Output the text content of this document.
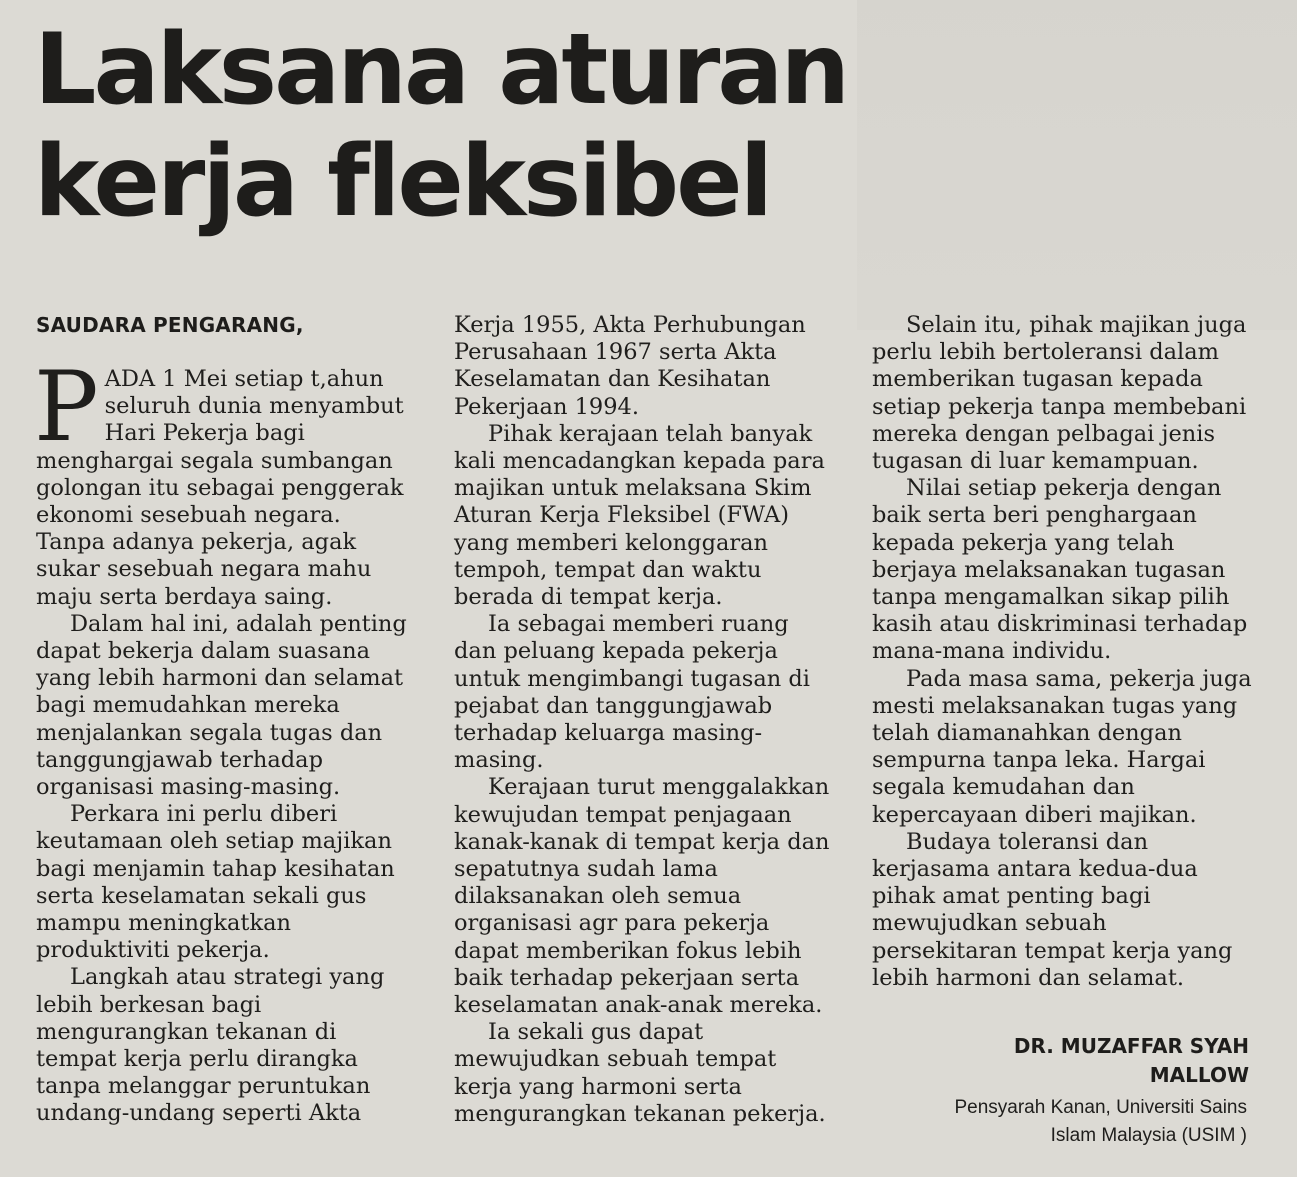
Laksana aturan
kerja fleksibel
SAUDARA PENGARANG,
P ADA 1 Mei setiap t,ahun seluruh dunia menyambut Hari Pekerja bagi menghargai segala sumbangan golongan itu sebagai penggerak ekonomi sesebuah negara. Tanpa adanya pekerja, agak sukar sesebuah negara mahu maju serta berdaya saing.

Dalam hal ini, adalah penting dapat bekerja dalam suasana yang lebih harmoni dan selamat bagi memudahkan mereka menjalankan segala tugas dan tanggungjawab terhadap organisasi masing-masing.

Perkara ini perlu diberi keutamaan oleh setiap majikan bagi menjamin tahap kesihatan serta keselamatan sekali gus mampu meningkatkan produktiviti pekerja.

Langkah atau strategi yang lebih berkesan bagi mengurangkan tekanan di tempat kerja perlu dirangka tanpa melanggar peruntukan undang-undang seperti Akta

Kerja 1955, Akta Perhubungan Perusahaan 1967 serta Akta Keselamatan dan Kesihatan Pekerjaan 1994.

Pihak kerajaan telah banyak kali mencadangkan kepada para majikan untuk melaksana Skim Aturan Kerja Fleksibel (FWA) yang memberi kelonggaran tempoh, tempat dan waktu berada di tempat kerja.

Ia sebagai memberi ruang dan peluang kepada pekerja untuk mengimbangi tugasan di pejabat dan tanggungjawab terhadap keluarga masing-masing.

Kerajaan turut menggalakkan kewujudan tempat penjagaan kanak-kanak di tempat kerja dan sepatutnya sudah lama dilaksanakan oleh semua organisasi agr para pekerja dapat memberikan fokus lebih baik terhadap pekerjaan serta keselamatan anak-anak mereka.

Ia sekali gus dapat mewujudkan sebuah tempat kerja yang harmoni serta mengurangkan tekanan pekerja.

Selain itu, pihak majikan juga perlu lebih bertoleransi dalam memberikan tugasan kepada setiap pekerja tanpa membebani mereka dengan pelbagai jenis tugasan di luar kemampuan.

Nilai setiap pekerja dengan baik serta beri penghargaan kepada pekerja yang telah berjaya melaksanakan tugasan tanpa mengamalkan sikap pilih kasih atau diskriminasi terhadap mana-mana individu.

Pada masa sama, pekerja juga mesti melaksanakan tugas yang telah diamanahkan dengan sempurna tanpa leka. Hargai segala kemudahan dan kepercayaan diberi majikan.

Budaya toleransi dan kerjasama antara kedua-dua pihak amat penting bagi mewujudkan sebuah persekitaran tempat kerja yang lebih harmoni dan selamat.

DR. MUZAFFAR SYAH
MALLOW
Pensyarah Kanan, Universiti Sains
Islam Malaysia (USIM )
